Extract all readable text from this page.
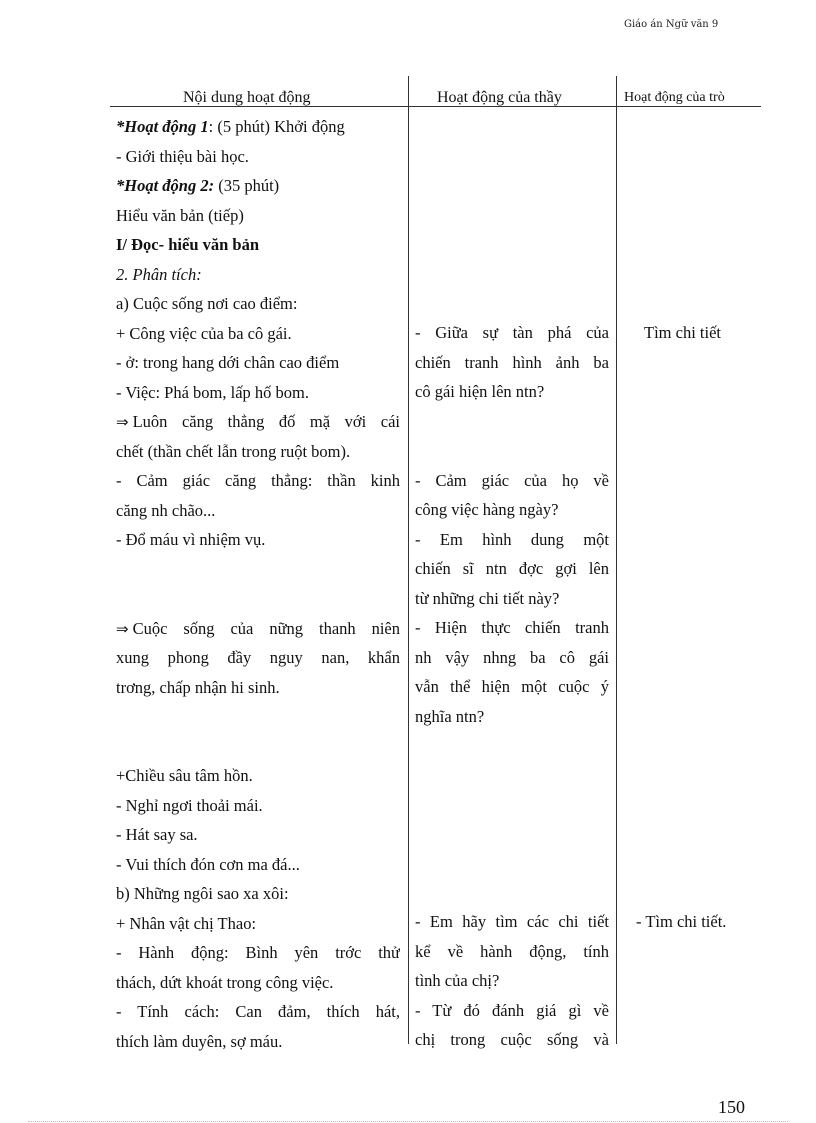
Giáo án Ngữ văn 9
Nội dung hoạt động	Hoạt động của thầy	Hoạt động của trò
*Hoạt động 1: (5 phút) Khởi động
- Giới thiệu bài học.
*Hoạt động 2: (35 phút)
Hiểu văn bản (tiếp)
I/ Đọc- hiểu văn bản
2. Phân tích:
a) Cuộc sống nơi cao điểm:
+ Công việc của ba cô gái.
- ở: trong hang dới chân cao điểm
- Việc: Phá bom, lấp hố bom.
⇒ Luôn căng thẳng đố mặ với cái
chết (thần chết lẫn trong ruột bom).
- Cảm giác căng thẳng: thần kinh
căng nh chão...
- Đổ máu vì nhiệm vụ.
⇒ Cuộc sống của nững thanh niên
xung phong đầy nguy nan, khẩn
trơng, chấp nhận hi sinh.
+Chiều sâu tâm hồn.
- Nghỉ ngơi thoải mái.
- Hát say sa.
- Vui thích đón cơn ma đá...
b) Những ngôi sao xa xôi:
+ Nhân vật chị Thao:
- Hành động: Bình yên trớc thử
thách, dứt khoát trong công việc.
- Tính cách: Can đảm, thích hát,
thích làm duyên, sợ máu.
- Giữa sự tàn phá của
chiến tranh hình ảnh ba
cô gái hiện lên ntn?
- Cảm giác của họ về
công việc hàng ngày?
- Em hình dung một
chiến sĩ ntn đợc gợi lên
từ những chi tiết này?
- Hiện thực chiến tranh
nh vậy nhng ba cô gái
vẫn thể hiện một cuộc ý
nghĩa ntn?
- Em hãy tìm các chi tiết
kể về hành động, tính
tình của chị?
- Từ đó đánh giá gì về
chị trong cuộc sống và
Tìm chi tiết
- Tìm chi tiết.
150
